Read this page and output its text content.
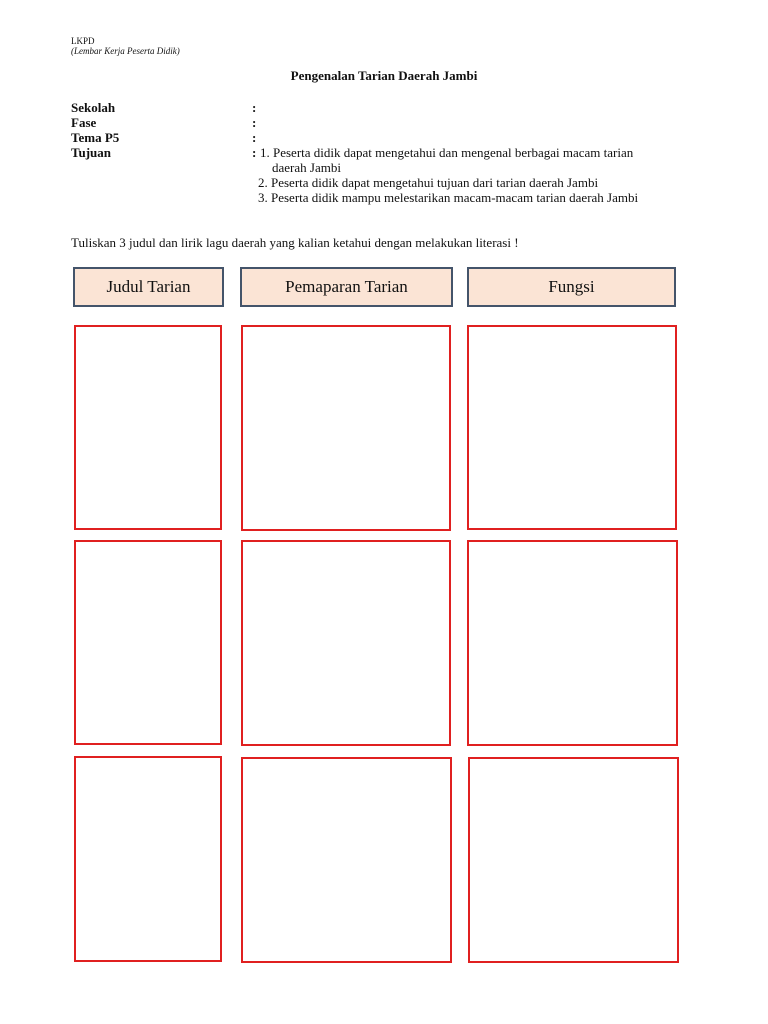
LKPD
(Lembar Kerja Peserta Didik)
Pengenalan Tarian Daerah Jambi
Sekolah	:
Fase	:
Tema P5	:
Tujuan	: 1. Peserta didik dapat mengetahui dan mengenal berbagai macam tarian
daerah Jambi
2. Peserta didik dapat mengetahui tujuan dari tarian daerah Jambi
3. Peserta didik mampu melestarikan macam-macam tarian daerah Jambi
Tuliskan 3 judul dan lirik lagu daerah yang kalian ketahui dengan melakukan literasi !
Judul Tarian	Pemaparan Tarian	Fungsi
